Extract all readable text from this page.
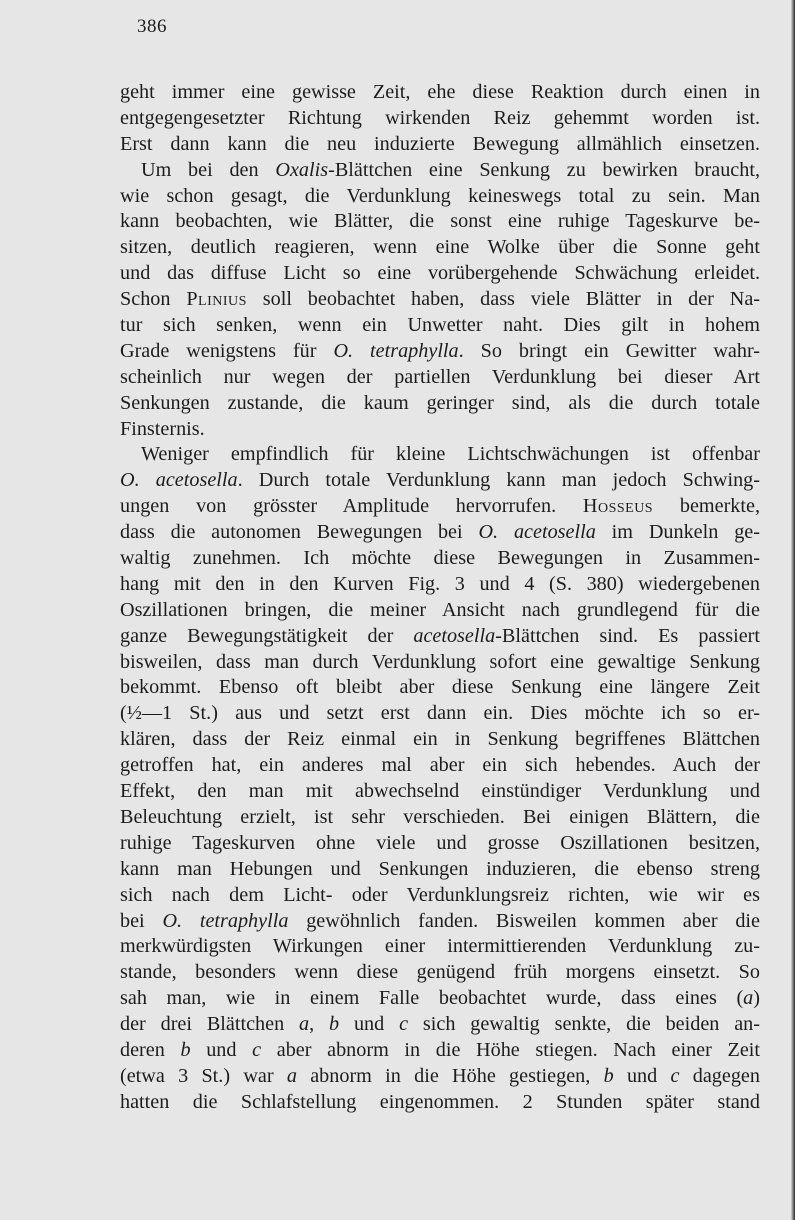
386
geht immer eine gewisse Zeit, ehe diese Reaktion durch einen in
entgegengesetzter Richtung wirkenden Reiz gehemmt worden ist.
Erst dann kann die neu induzierte Bewegung allmählich einsetzen.
Um bei den Oxalis-Blättchen eine Senkung zu bewirken braucht,
wie schon gesagt, die Verdunklung keineswegs total zu sein. Man
kann beobachten, wie Blätter, die sonst eine ruhige Tageskurve be-
sitzen, deutlich reagieren, wenn eine Wolke über die Sonne geht
und das diffuse Licht so eine vorübergehende Schwächung erleidet.
Schon Plinius soll beobachtet haben, dass viele Blätter in der Na-
tur sich senken, wenn ein Unwetter naht. Dies gilt in hohem
Grade wenigstens für O. tetraphylla. So bringt ein Gewitter wahr-
scheinlich nur wegen der partiellen Verdunklung bei dieser Art
Senkungen zustande, die kaum geringer sind, als die durch totale
Finsternis.
Weniger empfindlich für kleine Lichtschwächungen ist offenbar
O. acetosella. Durch totale Verdunklung kann man jedoch Schwing-
ungen von grösster Amplitude hervorrufen. Hosseus bemerkte,
dass die autonomen Bewegungen bei O. acetosella im Dunkeln ge-
waltig zunehmen. Ich möchte diese Bewegungen in Zusammen-
hang mit den in den Kurven Fig. 3 und 4 (S. 380) wiedergebenen
Oszillationen bringen, die meiner Ansicht nach grundlegend für die
ganze Bewegungstätigkeit der acetosella-Blättchen sind. Es passiert
bisweilen, dass man durch Verdunklung sofort eine gewaltige Senkung
bekommt. Ebenso oft bleibt aber diese Senkung eine längere Zeit
(½—1 St.) aus und setzt erst dann ein. Dies möchte ich so er-
klären, dass der Reiz einmal ein in Senkung begriffenes Blättchen
getroffen hat, ein anderes mal aber ein sich hebendes. Auch der
Effekt, den man mit abwechselnd einstündiger Verdunklung und
Beleuchtung erzielt, ist sehr verschieden. Bei einigen Blättern, die
ruhige Tageskurven ohne viele und grosse Oszillationen besitzen,
kann man Hebungen und Senkungen induzieren, die ebenso streng
sich nach dem Licht- oder Verdunklungsreiz richten, wie wir es
bei O. tetraphylla gewöhnlich fanden. Bisweilen kommen aber die
merkwürdigsten Wirkungen einer intermittierenden Verdunklung zu-
stande, besonders wenn diese genügend früh morgens einsetzt. So
sah man, wie in einem Falle beobachtet wurde, dass eines (a)
der drei Blättchen a, b und c sich gewaltig senkte, die beiden an-
deren b und c aber abnorm in die Höhe stiegen. Nach einer Zeit
(etwa 3 St.) war a abnorm in die Höhe gestiegen, b und c dagegen
hatten die Schlafstellung eingenommen. 2 Stunden später stand
